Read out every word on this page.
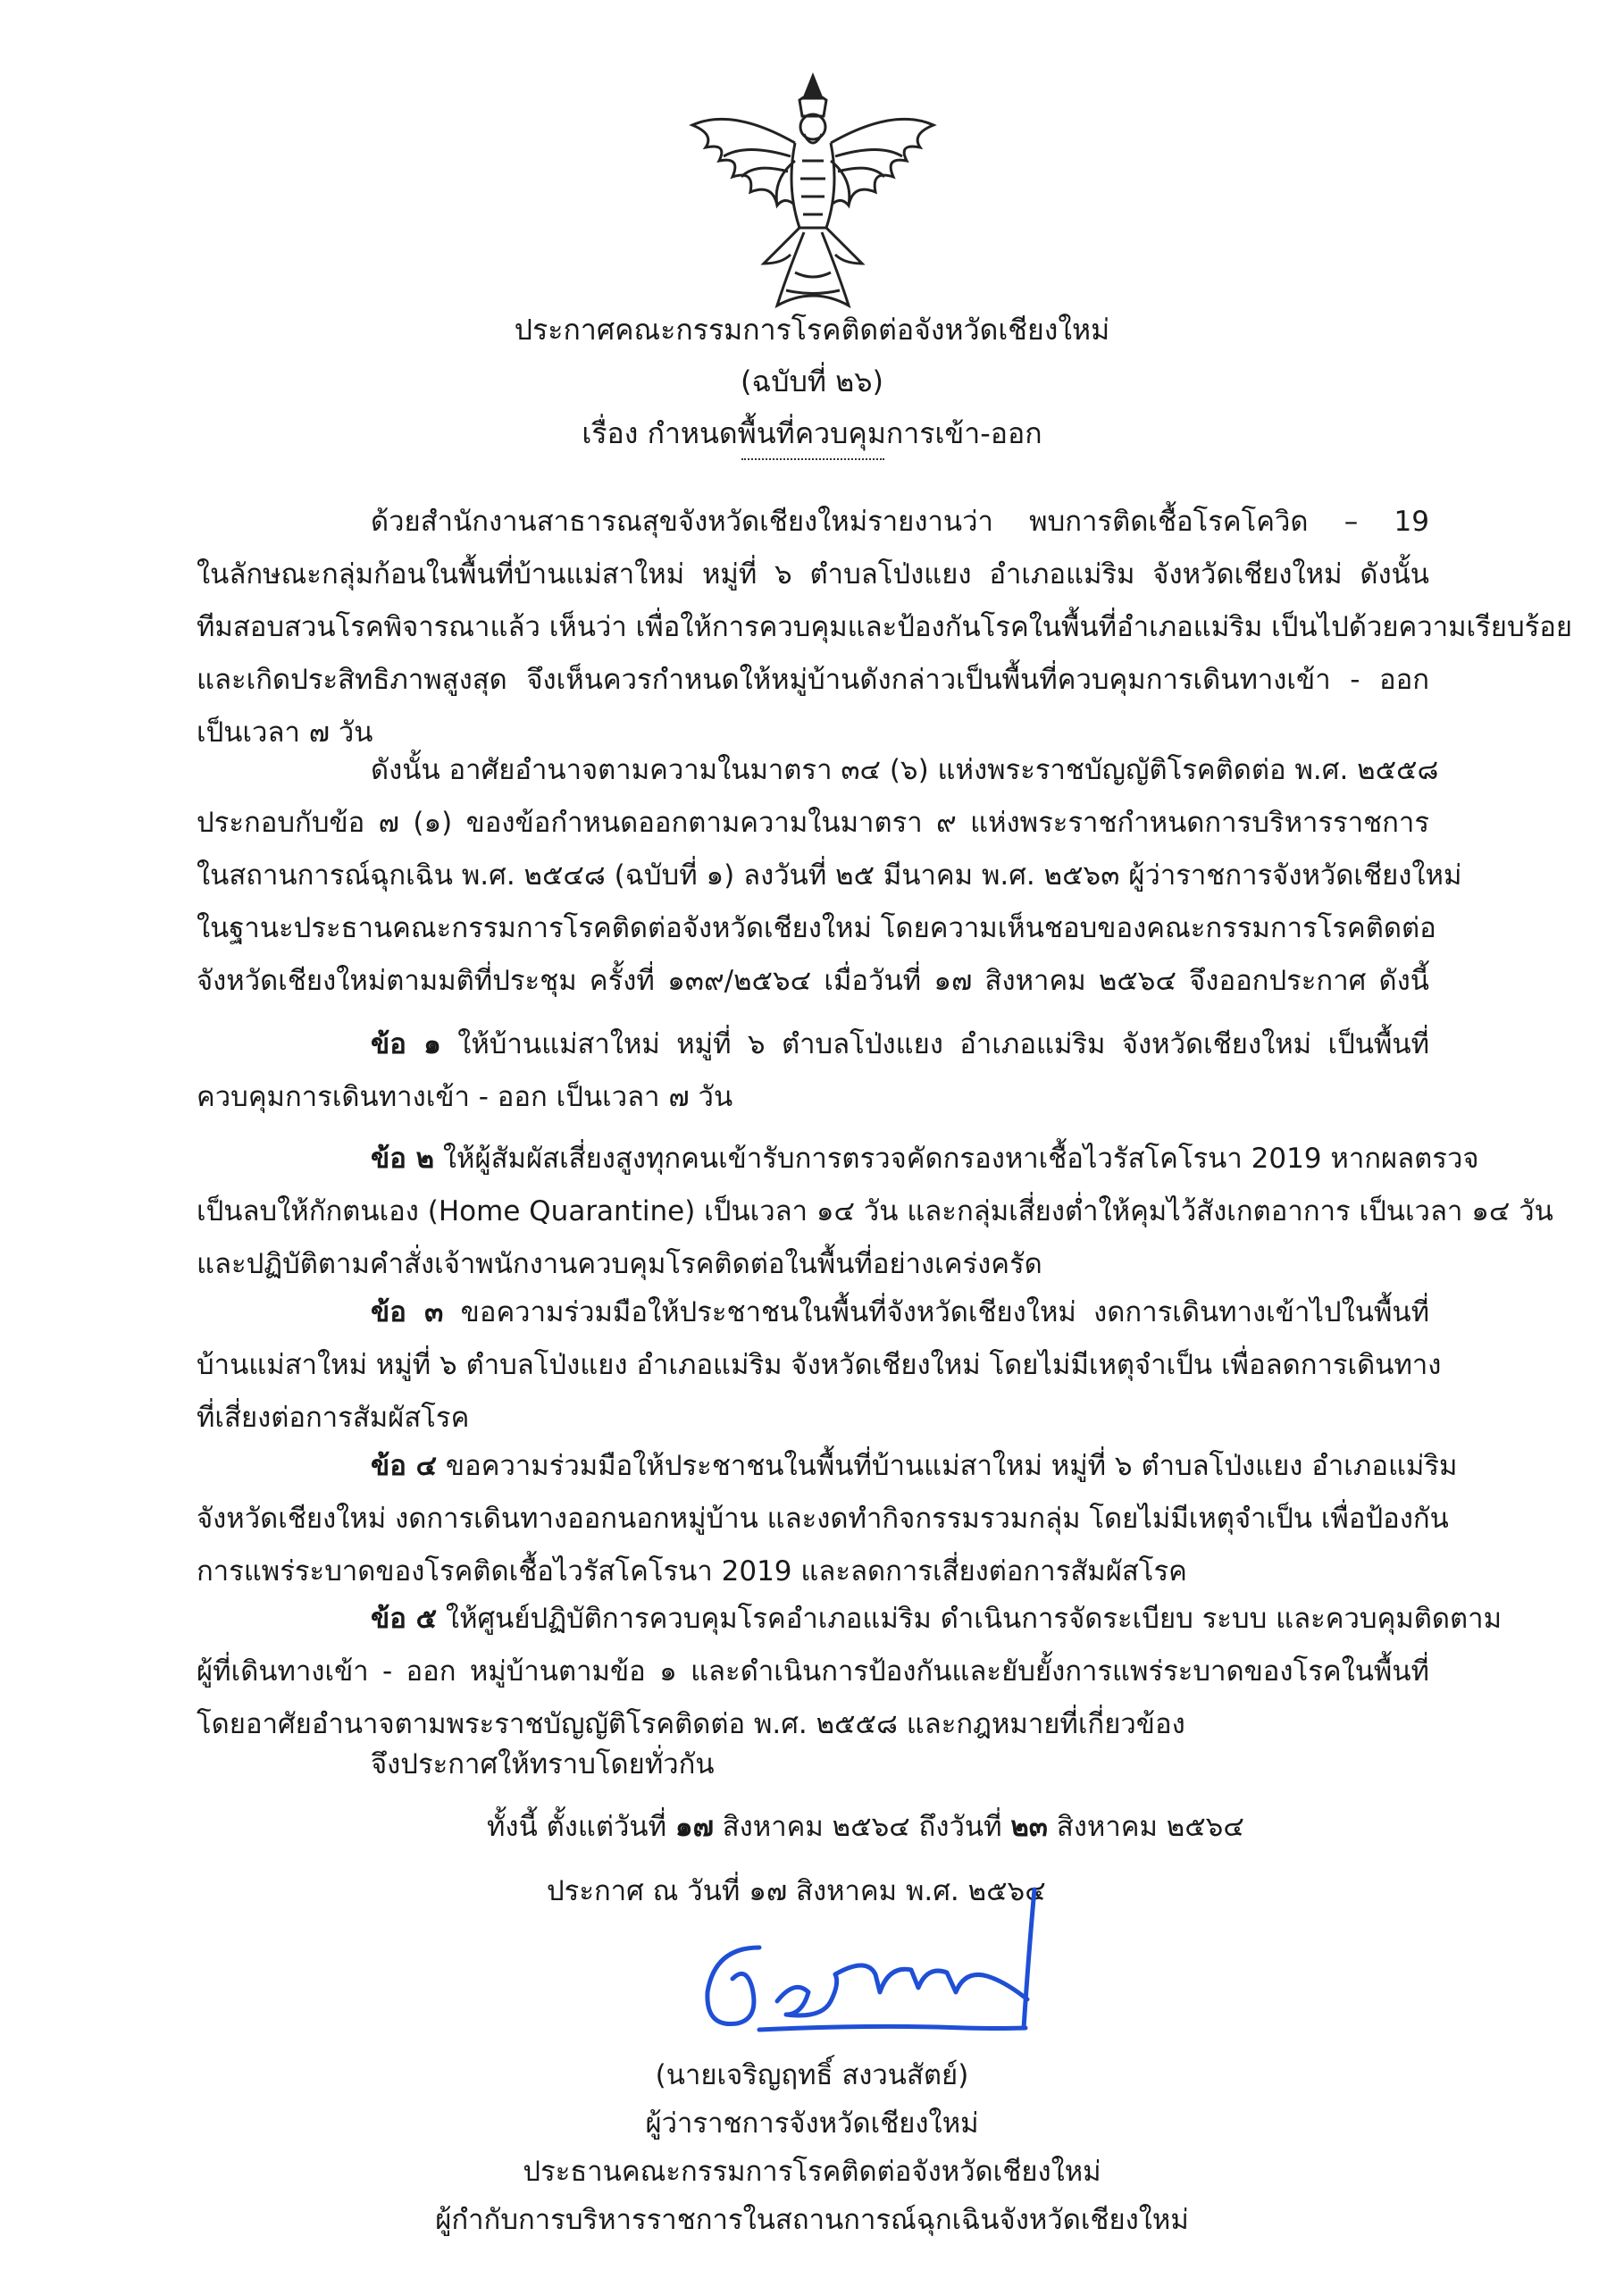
ประกาศคณะกรรมการโรคติดต่อจังหวัดเชียงใหม่
(ฉบับที่ ๒๖)
เรื่อง กำหนดพื้นที่ควบคุมการเข้า-ออก
ด้วยสำนักงานสาธารณสุขจังหวัดเชียงใหม่รายงานว่า พบการติดเชื้อโรคโควิด – 19
ในลักษณะกลุ่มก้อนในพื้นที่บ้านแม่สาใหม่ หมู่ที่ ๖ ตำบลโป่งแยง อำเภอแม่ริม จังหวัดเชียงใหม่ ดังนั้น
ทีมสอบสวนโรคพิจารณาแล้ว เห็นว่า เพื่อให้การควบคุมและป้องกันโรคในพื้นที่อำเภอแม่ริม เป็นไปด้วยความเรียบร้อย
และเกิดประสิทธิภาพสูงสุด จึงเห็นควรกำหนดให้หมู่บ้านดังกล่าวเป็นพื้นที่ควบคุมการเดินทางเข้า - ออก
เป็นเวลา ๗ วัน
ดังนั้น อาศัยอำนาจตามความในมาตรา ๓๔ (๖) แห่งพระราชบัญญัติโรคติดต่อ พ.ศ. ๒๕๕๘
ประกอบกับข้อ ๗ (๑) ของข้อกำหนดออกตามความในมาตรา ๙ แห่งพระราชกำหนดการบริหารราชการ
ในสถานการณ์ฉุกเฉิน พ.ศ. ๒๕๔๘ (ฉบับที่ ๑) ลงวันที่ ๒๕ มีนาคม พ.ศ. ๒๕๖๓ ผู้ว่าราชการจังหวัดเชียงใหม่
ในฐานะประธานคณะกรรมการโรคติดต่อจังหวัดเชียงใหม่ โดยความเห็นชอบของคณะกรรมการโรคติดต่อ
จังหวัดเชียงใหม่ตามมติที่ประชุม ครั้งที่ ๑๓๙/๒๕๖๔ เมื่อวันที่ ๑๗ สิงหาคม ๒๕๖๔ จึงออกประกาศ ดังนี้
ข้อ ๑ ให้บ้านแม่สาใหม่ หมู่ที่ ๖ ตำบลโป่งแยง อำเภอแม่ริม จังหวัดเชียงใหม่ เป็นพื้นที่
ควบคุมการเดินทางเข้า - ออก เป็นเวลา ๗ วัน
ข้อ ๒ ให้ผู้สัมผัสเสี่ยงสูงทุกคนเข้ารับการตรวจคัดกรองหาเชื้อไวรัสโคโรนา 2019 หากผลตรวจ
เป็นลบให้กักตนเอง (Home Quarantine) เป็นเวลา ๑๔ วัน และกลุ่มเสี่ยงต่ำให้คุมไว้สังเกตอาการ เป็นเวลา ๑๔ วัน
และปฏิบัติตามคำสั่งเจ้าพนักงานควบคุมโรคติดต่อในพื้นที่อย่างเคร่งครัด
ข้อ ๓ ขอความร่วมมือให้ประชาชนในพื้นที่จังหวัดเชียงใหม่ งดการเดินทางเข้าไปในพื้นที่
บ้านแม่สาใหม่ หมู่ที่ ๖ ตำบลโป่งแยง อำเภอแม่ริม จังหวัดเชียงใหม่ โดยไม่มีเหตุจำเป็น เพื่อลดการเดินทาง
ที่เสี่ยงต่อการสัมผัสโรค
ข้อ ๔ ขอความร่วมมือให้ประชาชนในพื้นที่บ้านแม่สาใหม่ หมู่ที่ ๖ ตำบลโป่งแยง อำเภอแม่ริม
จังหวัดเชียงใหม่ งดการเดินทางออกนอกหมู่บ้าน และงดทำกิจกรรมรวมกลุ่ม โดยไม่มีเหตุจำเป็น เพื่อป้องกัน
การแพร่ระบาดของโรคติดเชื้อไวรัสโคโรนา 2019 และลดการเสี่ยงต่อการสัมผัสโรค
ข้อ ๕ ให้ศูนย์ปฏิบัติการควบคุมโรคอำเภอแม่ริม ดำเนินการจัดระเบียบ ระบบ และควบคุมติดตาม
ผู้ที่เดินทางเข้า - ออก หมู่บ้านตามข้อ ๑ และดำเนินการป้องกันและยับยั้งการแพร่ระบาดของโรคในพื้นที่
โดยอาศัยอำนาจตามพระราชบัญญัติโรคติดต่อ พ.ศ. ๒๕๕๘ และกฎหมายที่เกี่ยวข้อง
จึงประกาศให้ทราบโดยทั่วกัน
ทั้งนี้ ตั้งแต่วันที่ ๑๗ สิงหาคม ๒๕๖๔ ถึงวันที่ ๒๓ สิงหาคม ๒๕๖๔
ประกาศ ณ วันที่ ๑๗ สิงหาคม พ.ศ. ๒๕๖๔
(นายเจริญฤทธิ์ สงวนสัตย์)
ผู้ว่าราชการจังหวัดเชียงใหม่
ประธานคณะกรรมการโรคติดต่อจังหวัดเชียงใหม่
ผู้กำกับการบริหารราชการในสถานการณ์ฉุกเฉินจังหวัดเชียงใหม่
